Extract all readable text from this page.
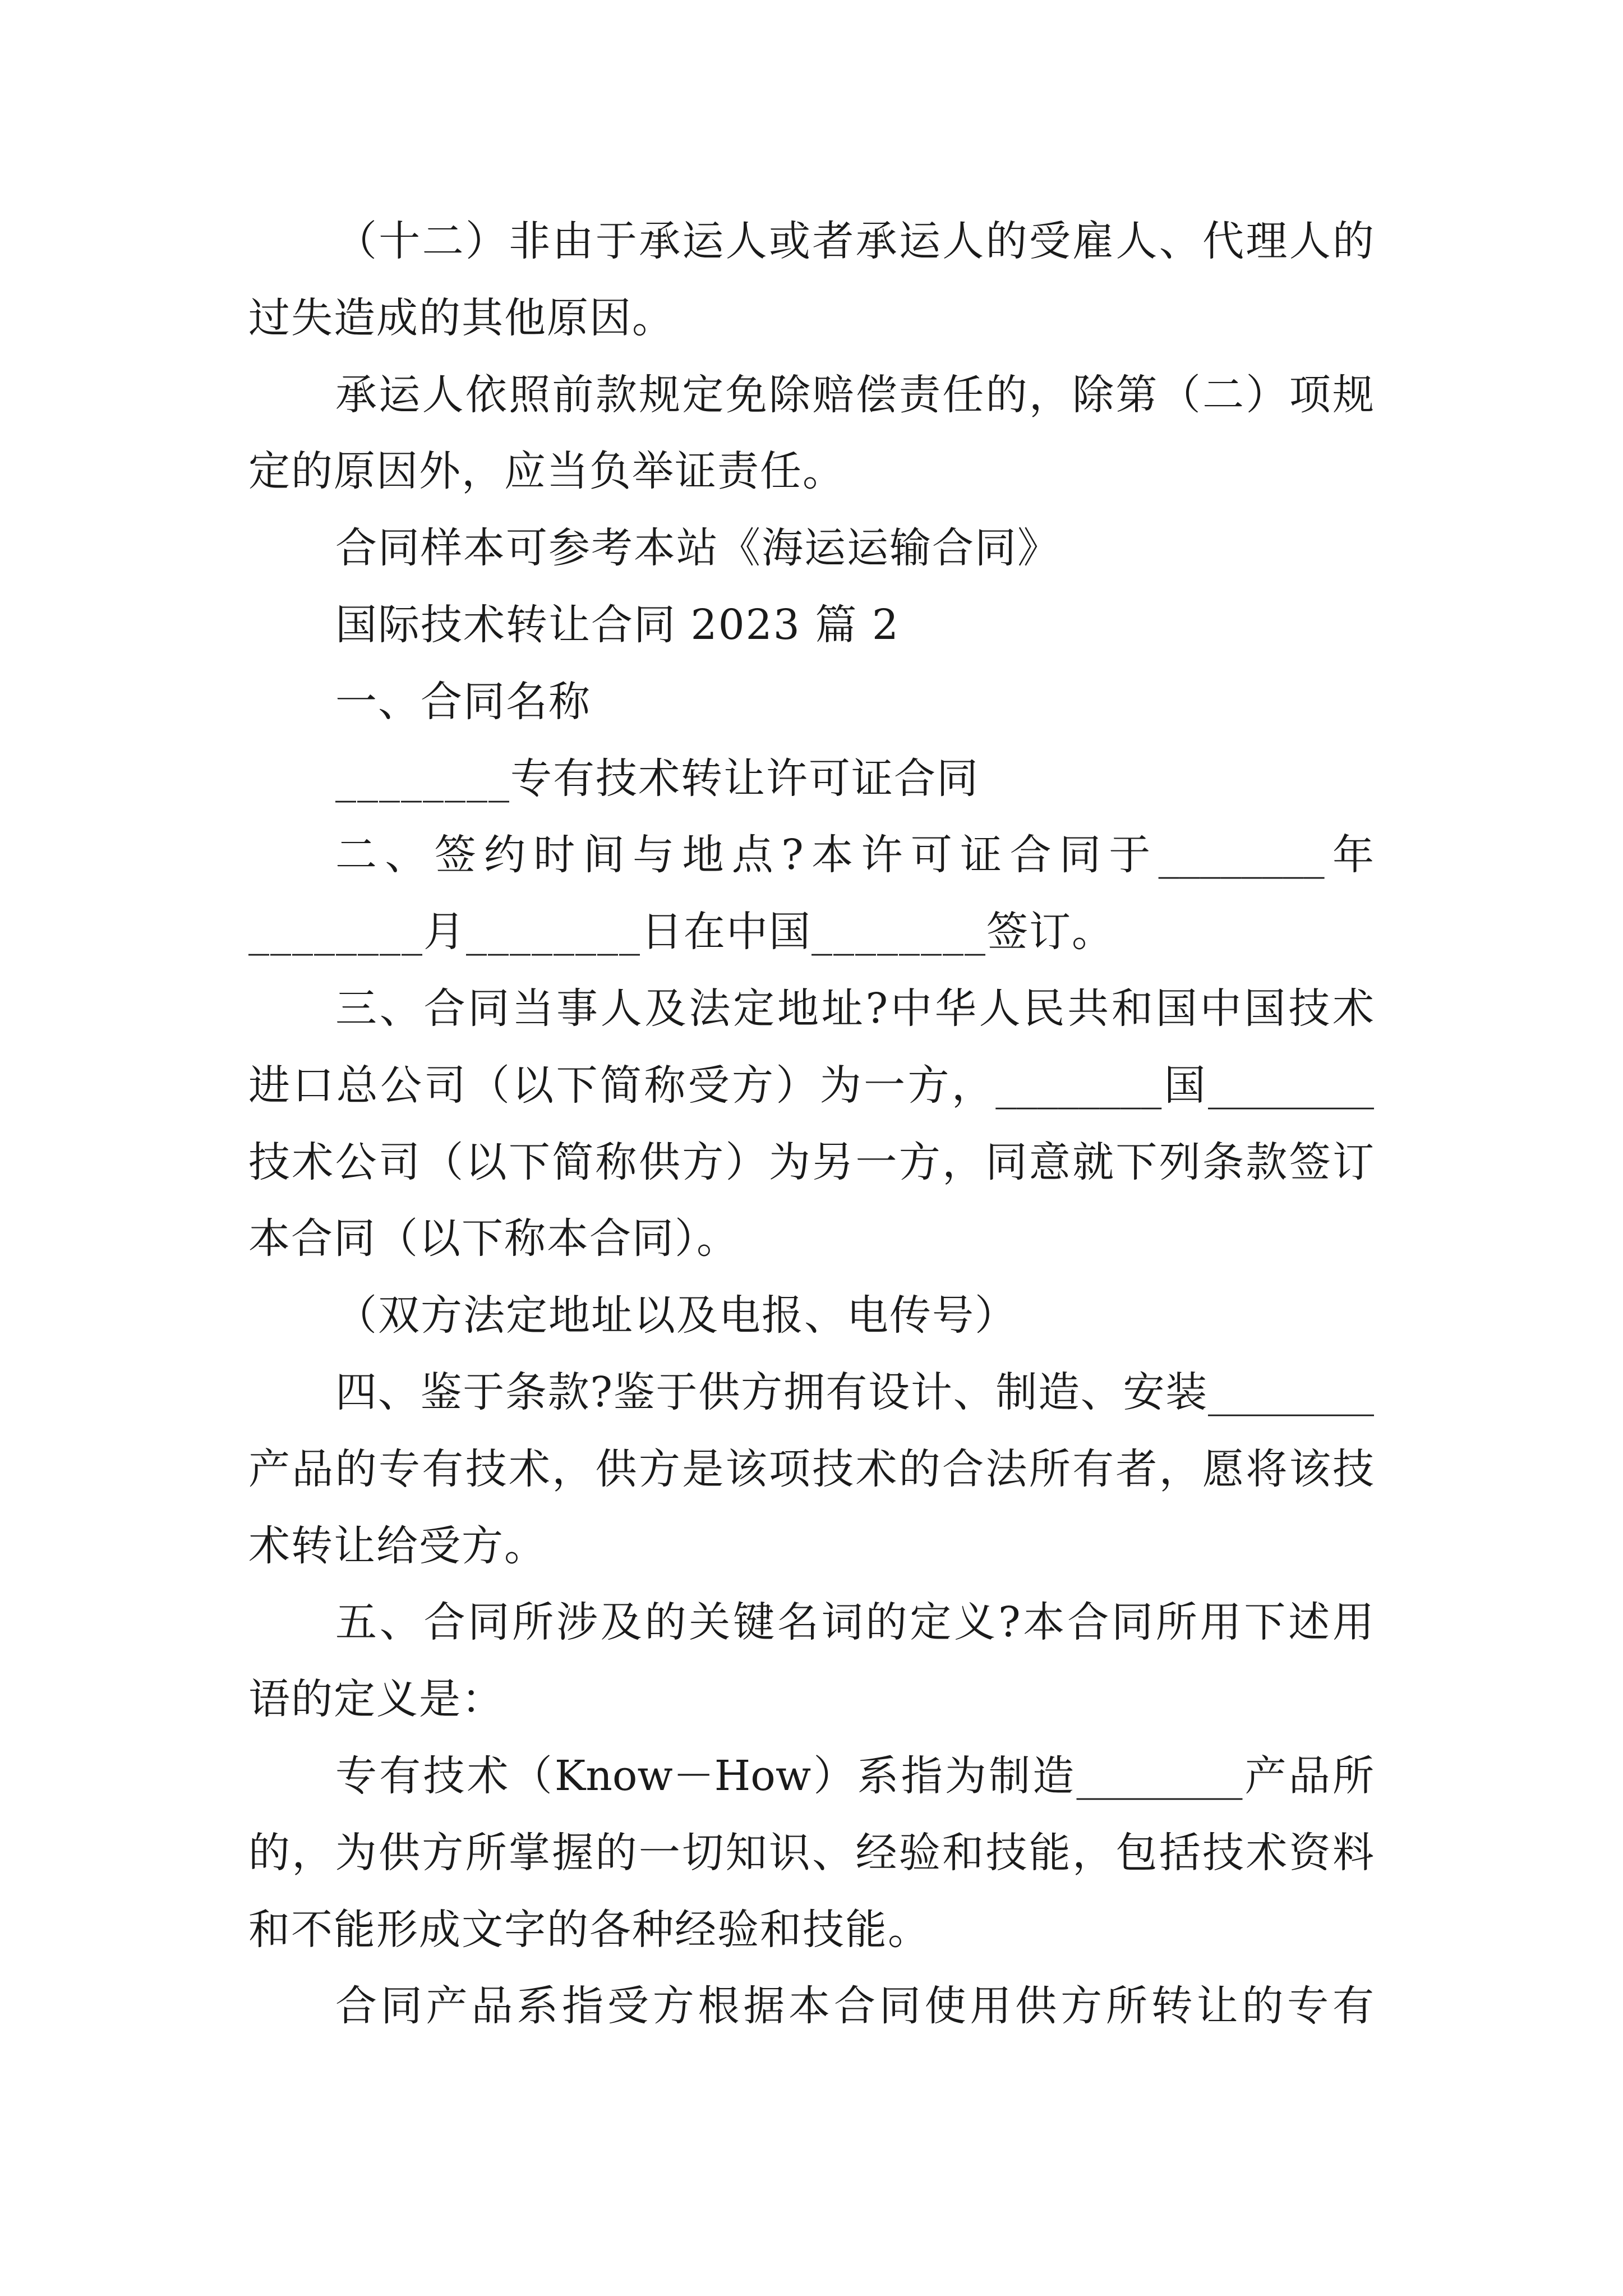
（十二）非由于承运人或者承运人的受雇人、代理人的
过失造成的其他原因。
承运人依照前款规定免除赔偿责任的，除第（二）项规
定的原因外，应当负举证责任。
合同样本可参考本站《海运运输合同》
国际技术转让合同 2023 篇 2
一、合同名称
________专有技术转让许可证合同
二、签约时间与地点?本许可证合同于________年
________月________日在中国________签订。
三、合同当事人及法定地址?中华人民共和国中国技术
进口总公司（以下简称受方）为一方，________国________
技术公司（以下简称供方）为另一方，同意就下列条款签订
本合同（以下称本合同）。
（双方法定地址以及电报、电传号）
四、鉴于条款?鉴于供方拥有设计、制造、安装________
产品的专有技术，供方是该项技术的合法所有者，愿将该技
术转让给受方。
五、合同所涉及的关键名词的定义?本合同所用下述用
语的定义是：
专有技术（Know－How）系指为制造________产品所
的，为供方所掌握的一切知识、经验和技能，包括技术资料
和不能形成文字的各种经验和技能。
合同产品系指受方根据本合同使用供方所转让的专有
